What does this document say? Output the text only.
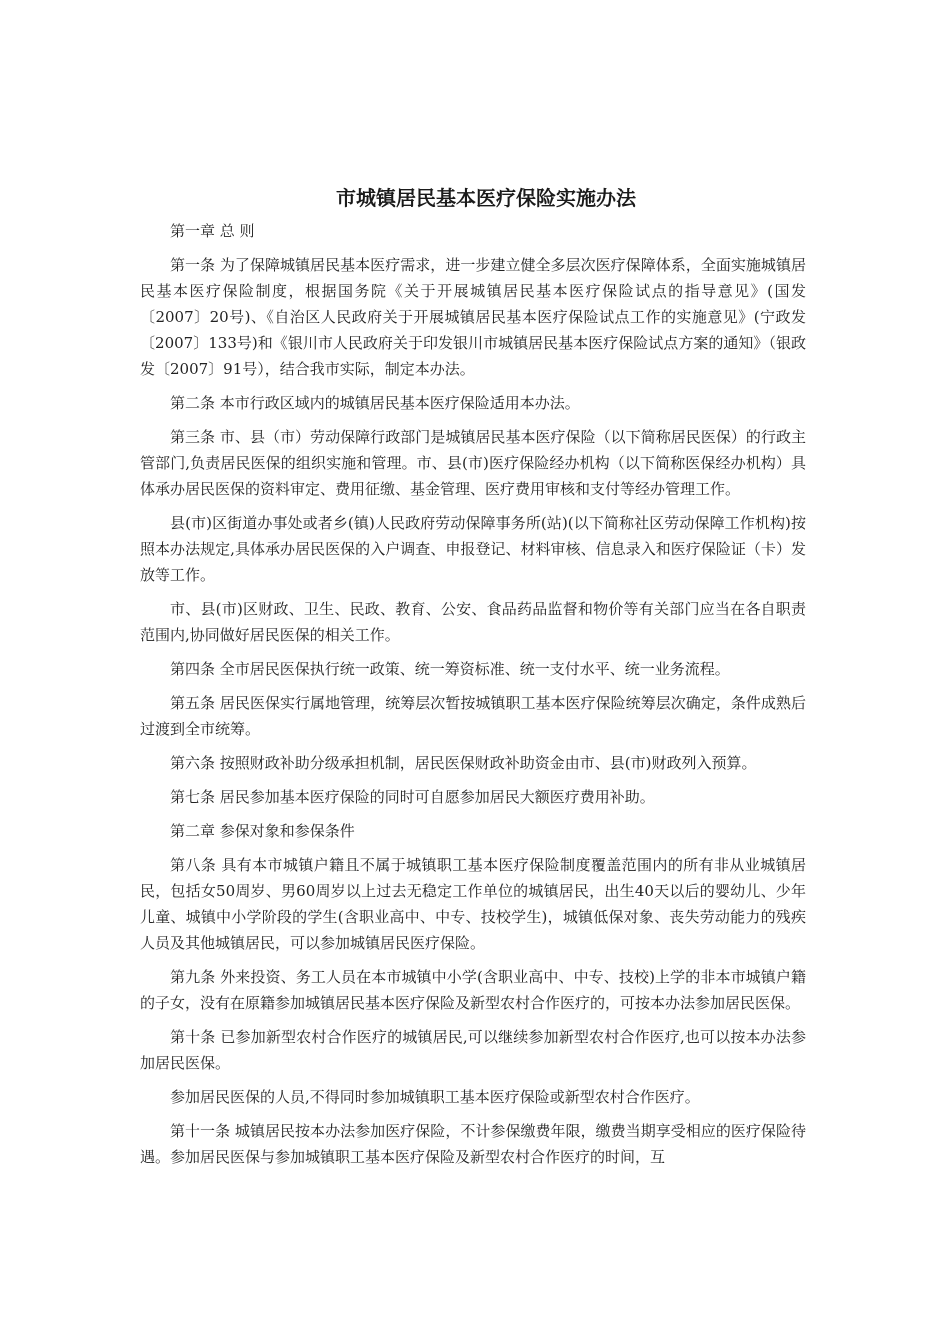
市城镇居民基本医疗保险实施办法

第一章 总 则

第一条 为了保障城镇居民基本医疗需求，进一步建立健全多层次医疗保障体系，全面实施城镇居民基本医疗保险制度，根据国务院《关于开展城镇居民基本医疗保险试点的指导意见》(国发〔2007〕20号)、《自治区人民政府关于开展城镇居民基本医疗保险试点工作的实施意见》(宁政发〔2007〕133号)和《银川市人民政府关于印发银川市城镇居民基本医疗保险试点方案的通知》（银政发〔2007〕91号），结合我市实际，制定本办法。

第二条 本市行政区域内的城镇居民基本医疗保险适用本办法。

第三条 市、县（市）劳动保障行政部门是城镇居民基本医疗保险（以下简称居民医保）的行政主管部门,负责居民医保的组织实施和管理。市、县(市)医疗保险经办机构（以下简称医保经办机构）具体承办居民医保的资料审定、费用征缴、基金管理、医疗费用审核和支付等经办管理工作。

县(市)区街道办事处或者乡(镇)人民政府劳动保障事务所(站)(以下简称社区劳动保障工作机构)按照本办法规定,具体承办居民医保的入户调查、申报登记、材料审核、信息录入和医疗保险证（卡）发放等工作。

市、县(市)区财政、卫生、民政、教育、公安、食品药品监督和物价等有关部门应当在各自职责范围内,协同做好居民医保的相关工作。

第四条 全市居民医保执行统一政策、统一筹资标准、统一支付水平、统一业务流程。

第五条 居民医保实行属地管理，统筹层次暂按城镇职工基本医疗保险统筹层次确定，条件成熟后过渡到全市统筹。

第六条 按照财政补助分级承担机制，居民医保财政补助资金由市、县(市)财政列入预算。

第七条 居民参加基本医疗保险的同时可自愿参加居民大额医疗费用补助。

第二章 参保对象和参保条件

第八条 具有本市城镇户籍且不属于城镇职工基本医疗保险制度覆盖范围内的所有非从业城镇居民，包括女50周岁、男60周岁以上过去无稳定工作单位的城镇居民，出生40天以后的婴幼儿、少年儿童、城镇中小学阶段的学生(含职业高中、中专、技校学生)，城镇低保对象、丧失劳动能力的残疾人员及其他城镇居民，可以参加城镇居民医疗保险。

第九条 外来投资、务工人员在本市城镇中小学(含职业高中、中专、技校)上学的非本市城镇户籍的子女，没有在原籍参加城镇居民基本医疗保险及新型农村合作医疗的，可按本办法参加居民医保。

第十条 已参加新型农村合作医疗的城镇居民,可以继续参加新型农村合作医疗,也可以按本办法参加居民医保。

参加居民医保的人员,不得同时参加城镇职工基本医疗保险或新型农村合作医疗。

第十一条 城镇居民按本办法参加医疗保险，不计参保缴费年限，缴费当期享受相应的医疗保险待遇。参加居民医保与参加城镇职工基本医疗保险及新型农村合作医疗的时间，互
